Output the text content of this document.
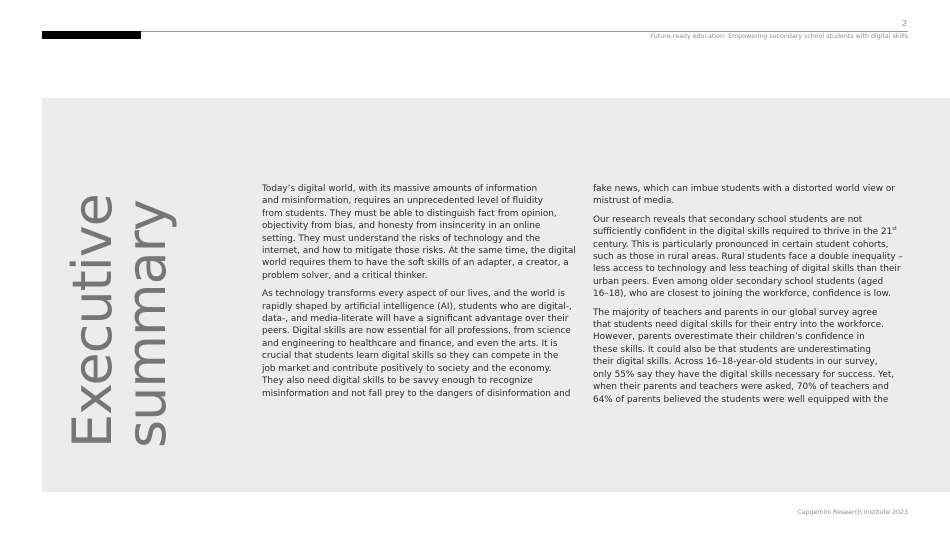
2
Future-ready education: Empowering secondary school students with digital skills
Executive
summary

Today’s digital world, with its massive amounts of information
and misinformation, requires an unprecedented level of fluidity
from students. They must be able to distinguish fact from opinion,
objectivity from bias, and honesty from insincerity in an online
setting. They must understand the risks of technology and the
internet, and how to mitigate those risks. At the same time, the digital
world requires them to have the soft skills of an adapter, a creator, a
problem solver, and a critical thinker.

As technology transforms every aspect of our lives, and the world is
rapidly shaped by artificial intelligence (AI), students who are digital-,
data-, and media-literate will have a significant advantage over their
peers. Digital skills are now essential for all professions, from science
and engineering to healthcare and finance, and even the arts. It is
crucial that students learn digital skills so they can compete in the
job market and contribute positively to society and the economy.
They also need digital skills to be savvy enough to recognize
misinformation and not fall prey to the dangers of disinformation and

fake news, which can imbue students with a distorted world view or
mistrust of media.

Our research reveals that secondary school students are not
sufficiently confident in the digital skills required to thrive in the 21st
century. This is particularly pronounced in certain student cohorts,
such as those in rural areas. Rural students face a double inequality –
less access to technology and less teaching of digital skills than their
urban peers. Even among older secondary school students (aged
16–18), who are closest to joining the workforce, confidence is low.

The majority of teachers and parents in our global survey agree
that students need digital skills for their entry into the workforce.
However, parents overestimate their children’s confidence in
these skills. It could also be that students are underestimating
their digital skills. Across 16–18-year-old students in our survey,
only 55% say they have the digital skills necessary for success. Yet,
when their parents and teachers were asked, 70% of teachers and
64% of parents believed the students were well equipped with the

Capgemini Research Institute 2023
